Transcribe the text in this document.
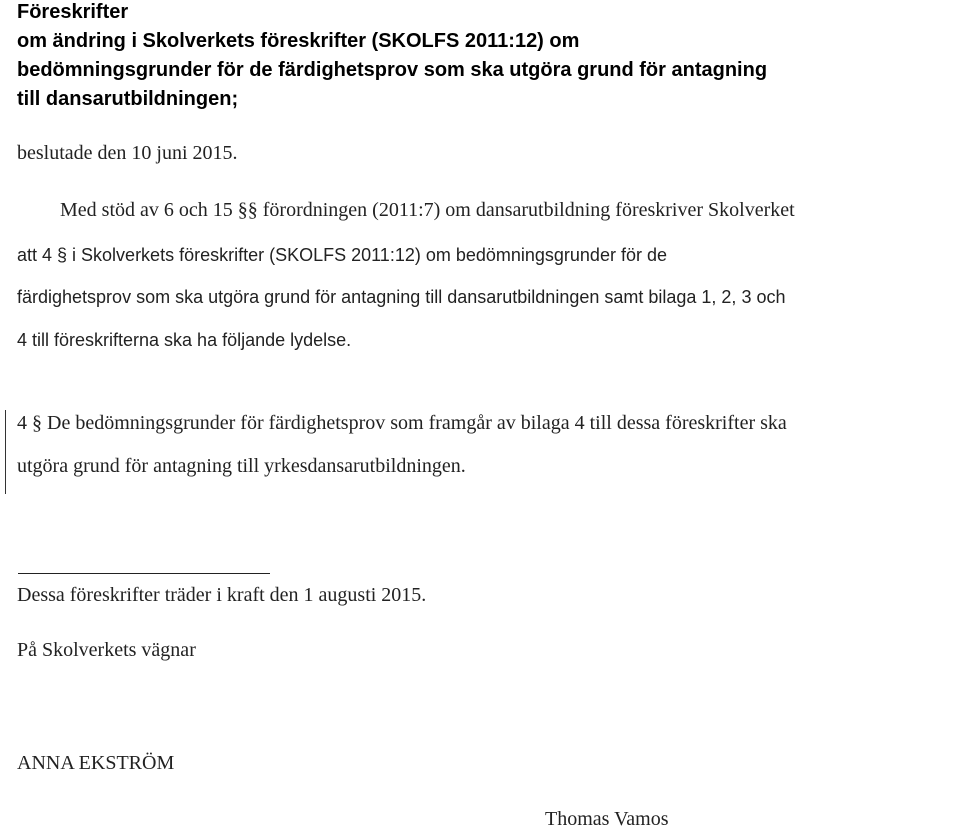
Föreskrifter
om ändring i Skolverkets föreskrifter (SKOLFS 2011:12) om
bedömningsgrunder för de färdighetsprov som ska utgöra grund för antagning
till dansarutbildningen;
beslutade den 10 juni 2015.
Med stöd av 6 och 15 §§ förordningen (2011:7) om dansarutbildning föreskriver Skolverket
att 4 § i Skolverkets föreskrifter (SKOLFS 2011:12) om bedömningsgrunder för de
färdighetsprov som ska utgöra grund för antagning till dansarutbildningen samt bilaga 1, 2, 3 och
4 till föreskrifterna ska ha följande lydelse.
4 § De bedömningsgrunder för färdighetsprov som framgår av bilaga 4 till dessa föreskrifter ska
utgöra grund för antagning till yrkesdansarutbildningen.
Dessa föreskrifter träder i kraft den 1 augusti 2015.
På Skolverkets vägnar
ANNA EKSTRÖM
Thomas Vamos
